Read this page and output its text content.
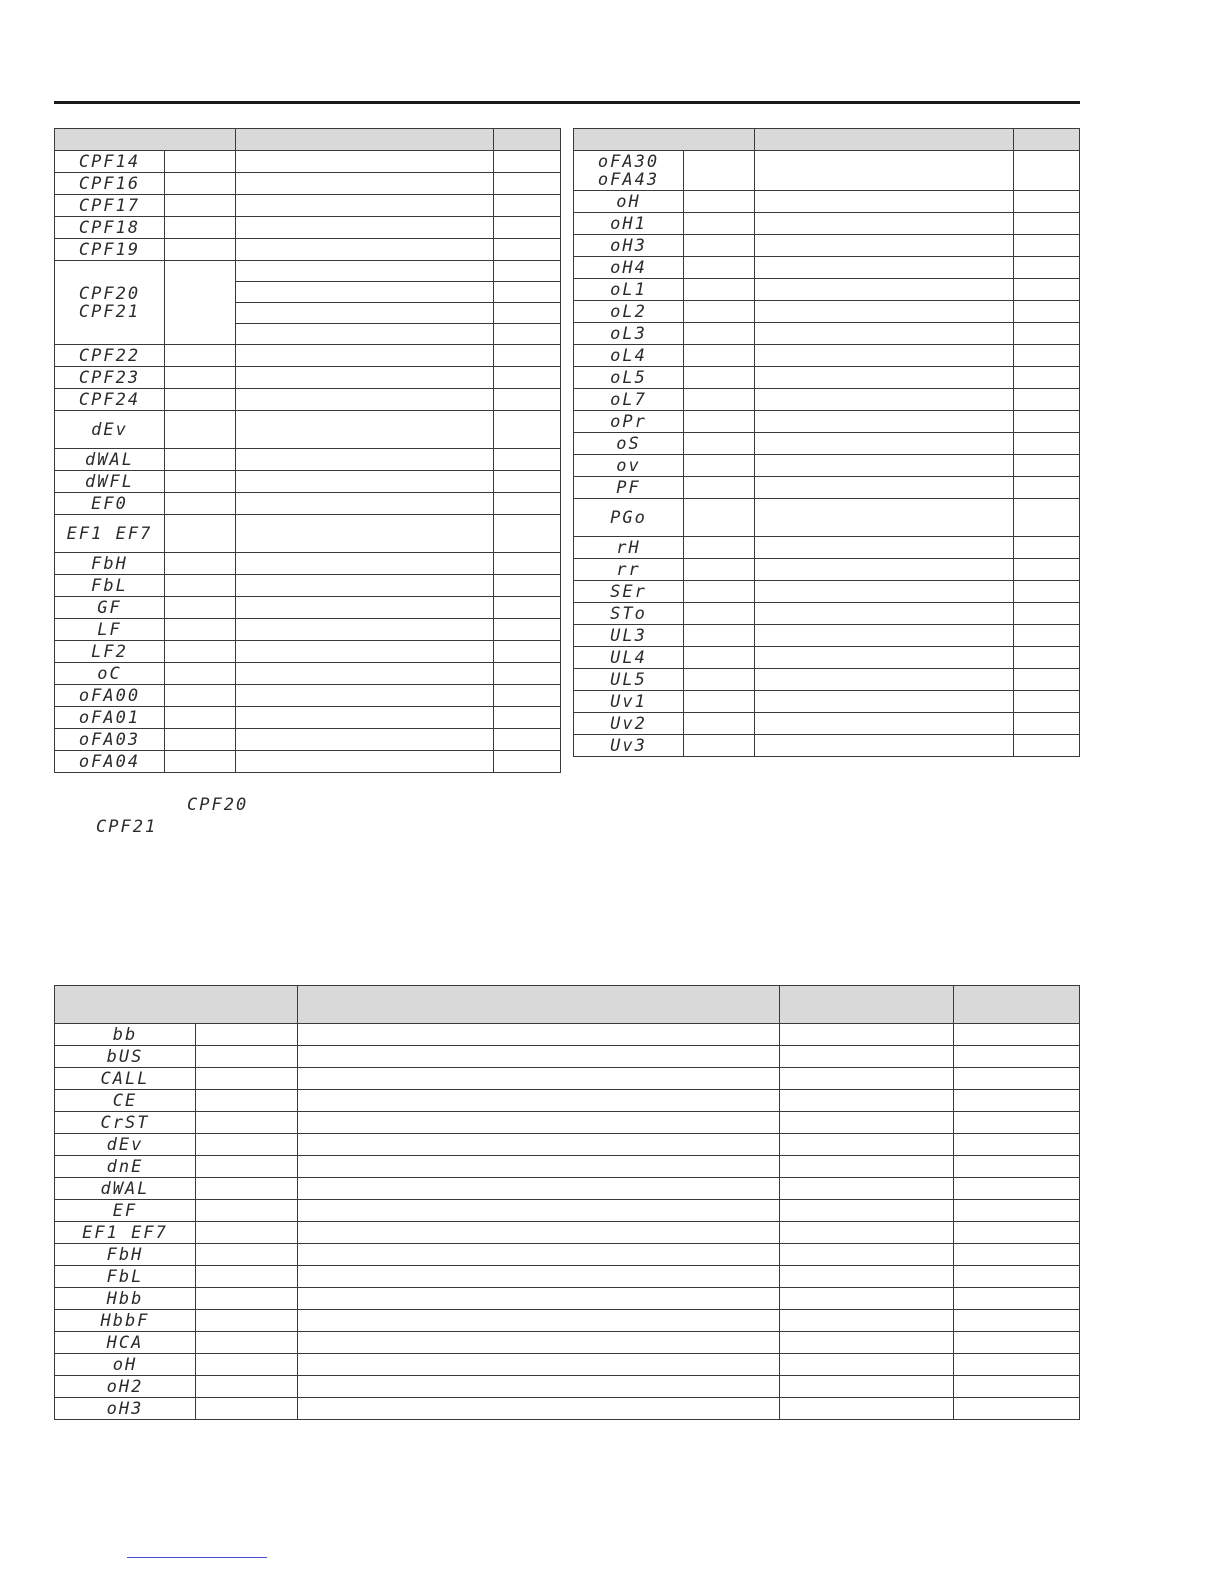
CPF14			

CPF16			

CPF17			

CPF18			

CPF19			

CPF20
CPF21			

CPF22			

CPF23			

CPF24			

dEv			

dWAL			

dWFL			

EF0			

EF1 EF7			

FbH			

FbL			

GF			

LF			

LF2			

oC			

oFA00			

oFA01			

oFA03			

oFA04			

oFA30
oFA43			

oH			

oH1			

oH3			

oH4			

oL1			

oL2			

oL3			

oL4			

oL5			

oL7			

oPr			

oS			

ov			

PF			

PGo			

rH			

rr			

SEr			

STo			

UL3			

UL4			

UL5			

Uv1			

Uv2			

Uv3			

CPF20
CPF21

bb				

bUS				

CALL				

CE				

CrST				

dEv				

dnE				

dWAL				

EF				

EF1 EF7				

FbH				

FbL				

Hbb				

HbbF				

HCA				

oH				

oH2				

oH3				
